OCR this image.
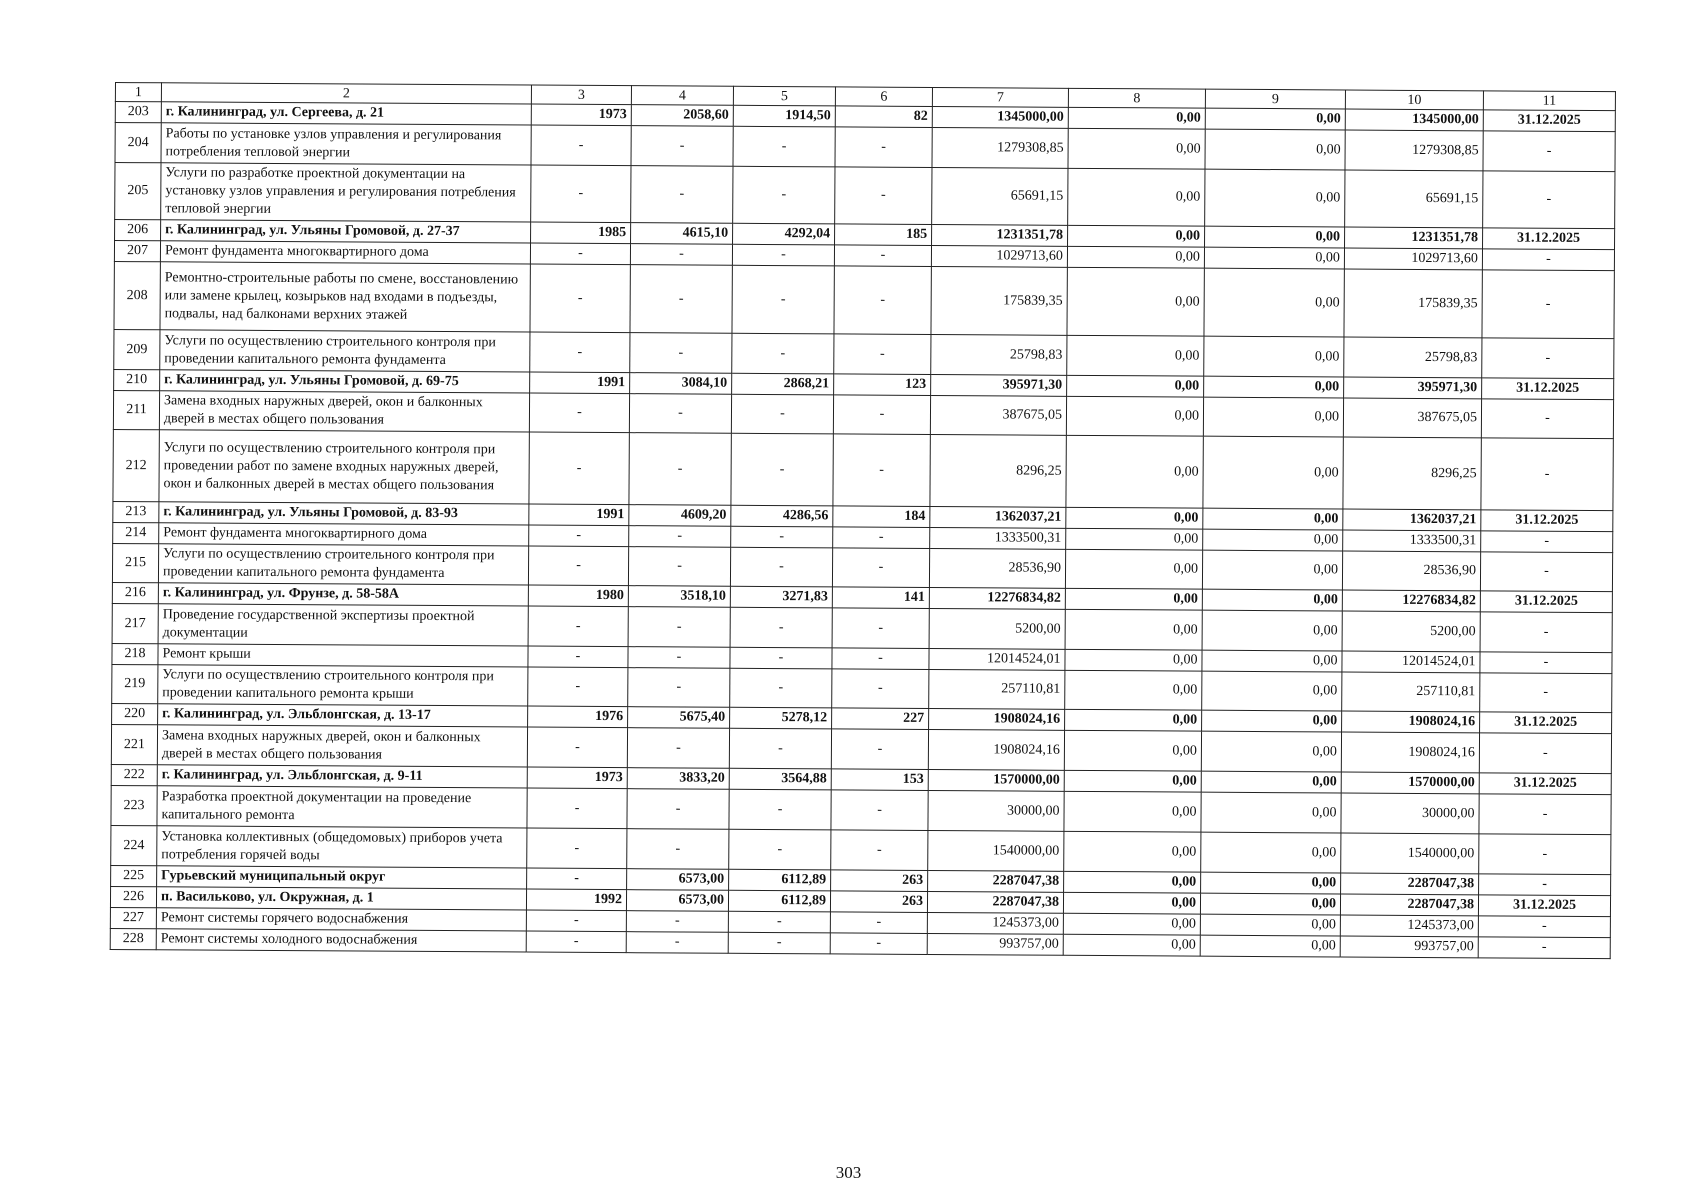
1	2	3	4	5	6	7	8	9	10	11
203	г. Калининград, ул. Сергеева, д. 21	1973	2058,60	1914,50	82	1345000,00	0,00	0,00	1345000,00	31.12.2025
204	Работы по установке узлов управления и регулирования потребления тепловой энергии	-	-	-	-	1279308,85	0,00	0,00	1279308,85	-
205	Услуги по разработке проектной документации на установку узлов управления и регулирования потребления тепловой энергии	-	-	-	-	65691,15	0,00	0,00	65691,15	-
206	г. Калининград, ул. Ульяны Громовой, д. 27-37	1985	4615,10	4292,04	185	1231351,78	0,00	0,00	1231351,78	31.12.2025
207	Ремонт фундамента многоквартирного дома	-	-	-	-	1029713,60	0,00	0,00	1029713,60	-
208	Ремонтно-строительные работы по смене, восстановлению или замене крылец, козырьков над входами в подъезды, подвалы, над балконами верхних этажей	-	-	-	-	175839,35	0,00	0,00	175839,35	-
209	Услуги по осуществлению строительного контроля при проведении капитального ремонта фундамента	-	-	-	-	25798,83	0,00	0,00	25798,83	-
210	г. Калининград, ул. Ульяны Громовой, д. 69-75	1991	3084,10	2868,21	123	395971,30	0,00	0,00	395971,30	31.12.2025
211	Замена входных наружных дверей, окон и балконных дверей в местах общего пользования	-	-	-	-	387675,05	0,00	0,00	387675,05	-
212	Услуги по осуществлению строительного контроля при проведении работ по замене входных наружных дверей, окон и балконных дверей в местах общего пользования	-	-	-	-	8296,25	0,00	0,00	8296,25	-
213	г. Калининград, ул. Ульяны Громовой, д. 83-93	1991	4609,20	4286,56	184	1362037,21	0,00	0,00	1362037,21	31.12.2025
214	Ремонт фундамента многоквартирного дома	-	-	-	-	1333500,31	0,00	0,00	1333500,31	-
215	Услуги по осуществлению строительного контроля при проведении капитального ремонта фундамента	-	-	-	-	28536,90	0,00	0,00	28536,90	-
216	г. Калининград, ул. Фрунзе, д. 58-58А	1980	3518,10	3271,83	141	12276834,82	0,00	0,00	12276834,82	31.12.2025
217	Проведение государственной экспертизы проектной документации	-	-	-	-	5200,00	0,00	0,00	5200,00	-
218	Ремонт крыши	-	-	-	-	12014524,01	0,00	0,00	12014524,01	-
219	Услуги по осуществлению строительного контроля при проведении капитального ремонта крыши	-	-	-	-	257110,81	0,00	0,00	257110,81	-
220	г. Калининград, ул. Эльблонгская, д. 13-17	1976	5675,40	5278,12	227	1908024,16	0,00	0,00	1908024,16	31.12.2025
221	Замена входных наружных дверей, окон и балконных дверей в местах общего пользования	-	-	-	-	1908024,16	0,00	0,00	1908024,16	-
222	г. Калининград, ул. Эльблонгская, д. 9-11	1973	3833,20	3564,88	153	1570000,00	0,00	0,00	1570000,00	31.12.2025
223	Разработка проектной документации на проведение капитального ремонта	-	-	-	-	30000,00	0,00	0,00	30000,00	-
224	Установка коллективных (общедомовых) приборов учета потребления горячей воды	-	-	-	-	1540000,00	0,00	0,00	1540000,00	-
225	Гурьевский муниципальный округ	-	6573,00	6112,89	263	2287047,38	0,00	0,00	2287047,38	-
226	п. Васильково, ул. Окружная, д. 1	1992	6573,00	6112,89	263	2287047,38	0,00	0,00	2287047,38	31.12.2025
227	Ремонт системы горячего водоснабжения	-	-	-	-	1245373,00	0,00	0,00	1245373,00	-
228	Ремонт системы холодного водоснабжения	-	-	-	-	993757,00	0,00	0,00	993757,00	-
303
